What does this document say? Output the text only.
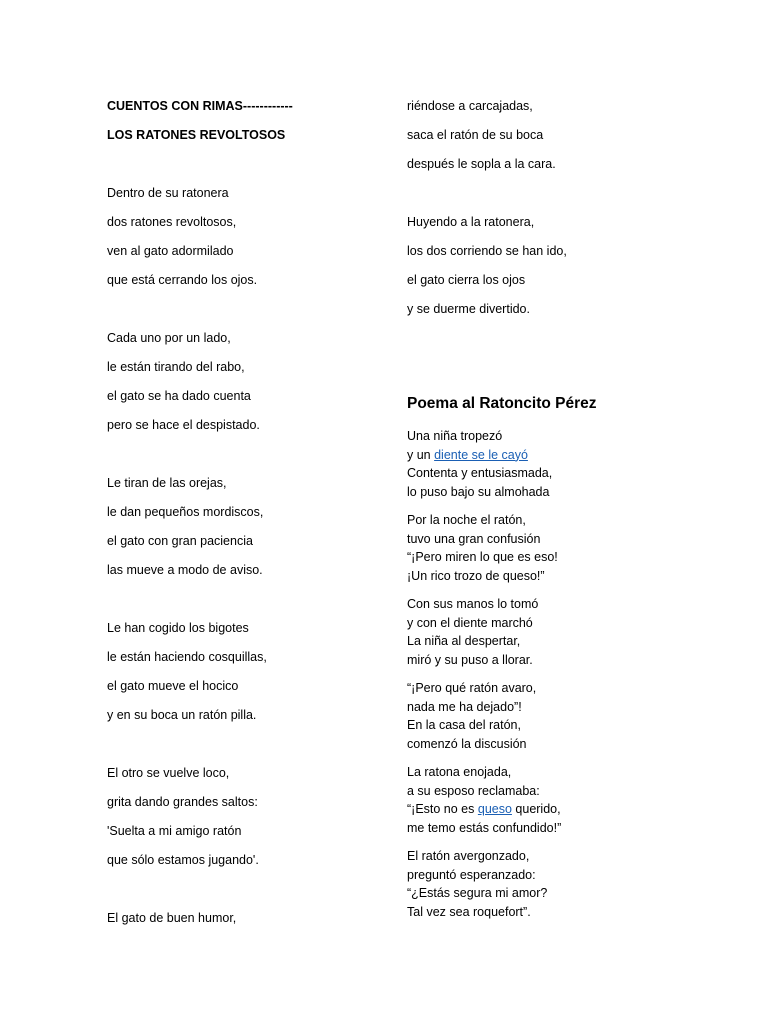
CUENTOS CON RIMAS------------
LOS RATONES REVOLTOSOS
Dentro de su ratonera
dos ratones revoltosos,
ven al gato adormilado
que está cerrando los ojos.
Cada uno por un lado,
le están tirando del rabo,
el gato se ha dado cuenta
pero se hace el despistado.
Le tiran de las orejas,
le dan pequeños mordiscos,
el gato con gran paciencia
las mueve a modo de aviso.
Le han cogido los bigotes
le están haciendo cosquillas,
el gato mueve el hocico
y en su boca un ratón pilla.
El otro se vuelve loco,
grita dando grandes saltos:
'Suelta a mi amigo ratón
que sólo estamos jugando'.
El gato de buen humor,
riéndose a carcajadas,
saca el ratón de su boca
después le sopla a la cara.
Huyendo a la ratonera,
los dos corriendo se han ido,
el gato cierra los ojos
y se duerme divertido.
Poema al Ratoncito Pérez
Una niña tropezó
y un diente se le cayó
Contenta y entusiasmada,
lo puso bajo su almohada
Por la noche el ratón,
tuvo una gran confusión
“¡Pero miren lo que es eso!
¡Un rico trozo de queso!”
Con sus manos lo tomó
y con el diente marchó
La niña al despertar,
miró y su puso a llorar.
“¡Pero qué ratón avaro,
nada me ha dejado”!
En la casa del ratón,
comenzó la discusión
La ratona enojada,
a su esposo reclamaba:
“¡Esto no es queso querido,
me temo estás confundido!”
El ratón avergonzado,
preguntó esperanzado:
“¿Estás segura mi amor?
Tal vez sea roquefort”.
